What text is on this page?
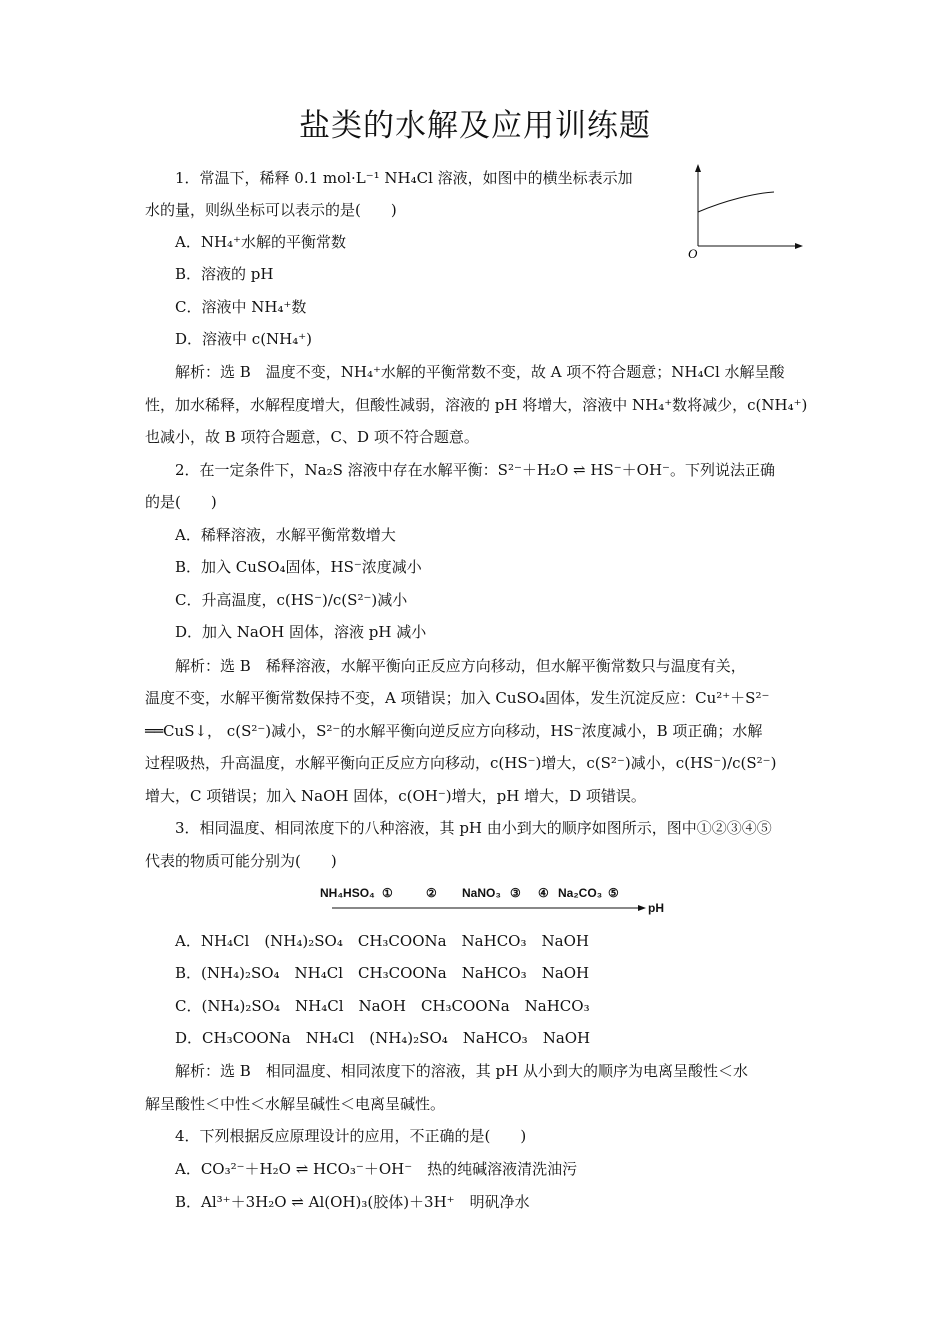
盐类的水解及应用训练题
1．常温下，稀释 0.1 mol·L⁻¹ NH₄Cl 溶液，如图中的横坐标表示加
水的量，则纵坐标可以表示的是(　　)
A．NH₄⁺水解的平衡常数
B．溶液的 pH
C．溶液中 NH₄⁺数
D．溶液中 c(NH₄⁺)
O
解析：选 B　温度不变，NH₄⁺水解的平衡常数不变，故 A 项不符合题意；NH₄Cl 水解呈酸
性，加水稀释，水解程度增大，但酸性减弱，溶液的 pH 将增大，溶液中 NH₄⁺数将减少，c(NH₄⁺)
也减小，故 B 项符合题意，C、D 项不符合题意。
2．在一定条件下，Na₂S 溶液中存在水解平衡：S²⁻＋H₂O ⇌ HS⁻＋OH⁻。下列说法正确
的是(　　)
A．稀释溶液，水解平衡常数增大
B．加入 CuSO₄固体，HS⁻浓度减小
C．升高温度，c(HS⁻)/c(S²⁻)减小
D．加入 NaOH 固体，溶液 pH 减小
解析：选 B　稀释溶液，水解平衡向正反应方向移动，但水解平衡常数只与温度有关，
温度不变，水解平衡常数保持不变，A 项错误；加入 CuSO₄固体，发生沉淀反应：Cu²⁺＋S²⁻
══CuS↓， c(S²⁻)减小，S²⁻的水解平衡向逆反应方向移动，HS⁻浓度减小，B 项正确；水解
过程吸热，升高温度，水解平衡向正反应方向移动，c(HS⁻)增大，c(S²⁻)减小，c(HS⁻)/c(S²⁻)
增大，C 项错误；加入 NaOH 固体，c(OH⁻)增大，pH 增大，D 项错误。
3．相同温度、相同浓度下的八种溶液，其 pH 由小到大的顺序如图所示，图中①②③④⑤
代表的物质可能分别为(　　)
NH₄HSO₄ ①	② NaNO₃ ③ ④ Na₂CO₃ ⑤
pH
A．NH₄Cl　(NH₄)₂SO₄　CH₃COONa　NaHCO₃　NaOH
B．(NH₄)₂SO₄　NH₄Cl　CH₃COONa　NaHCO₃　NaOH
C．(NH₄)₂SO₄　NH₄Cl　NaOH　CH₃COONa　NaHCO₃
D．CH₃COONa　NH₄Cl　(NH₄)₂SO₄　NaHCO₃　NaOH
解析：选 B　相同温度、相同浓度下的溶液，其 pH 从小到大的顺序为电离呈酸性＜水
解呈酸性＜中性＜水解呈碱性＜电离呈碱性。
4．下列根据反应原理设计的应用，不正确的是(　　)
A．CO₃²⁻＋H₂O ⇌ HCO₃⁻＋OH⁻　热的纯碱溶液清洗油污
B．Al³⁺＋3H₂O ⇌ Al(OH)₃(胶体)＋3H⁺　明矾净水
